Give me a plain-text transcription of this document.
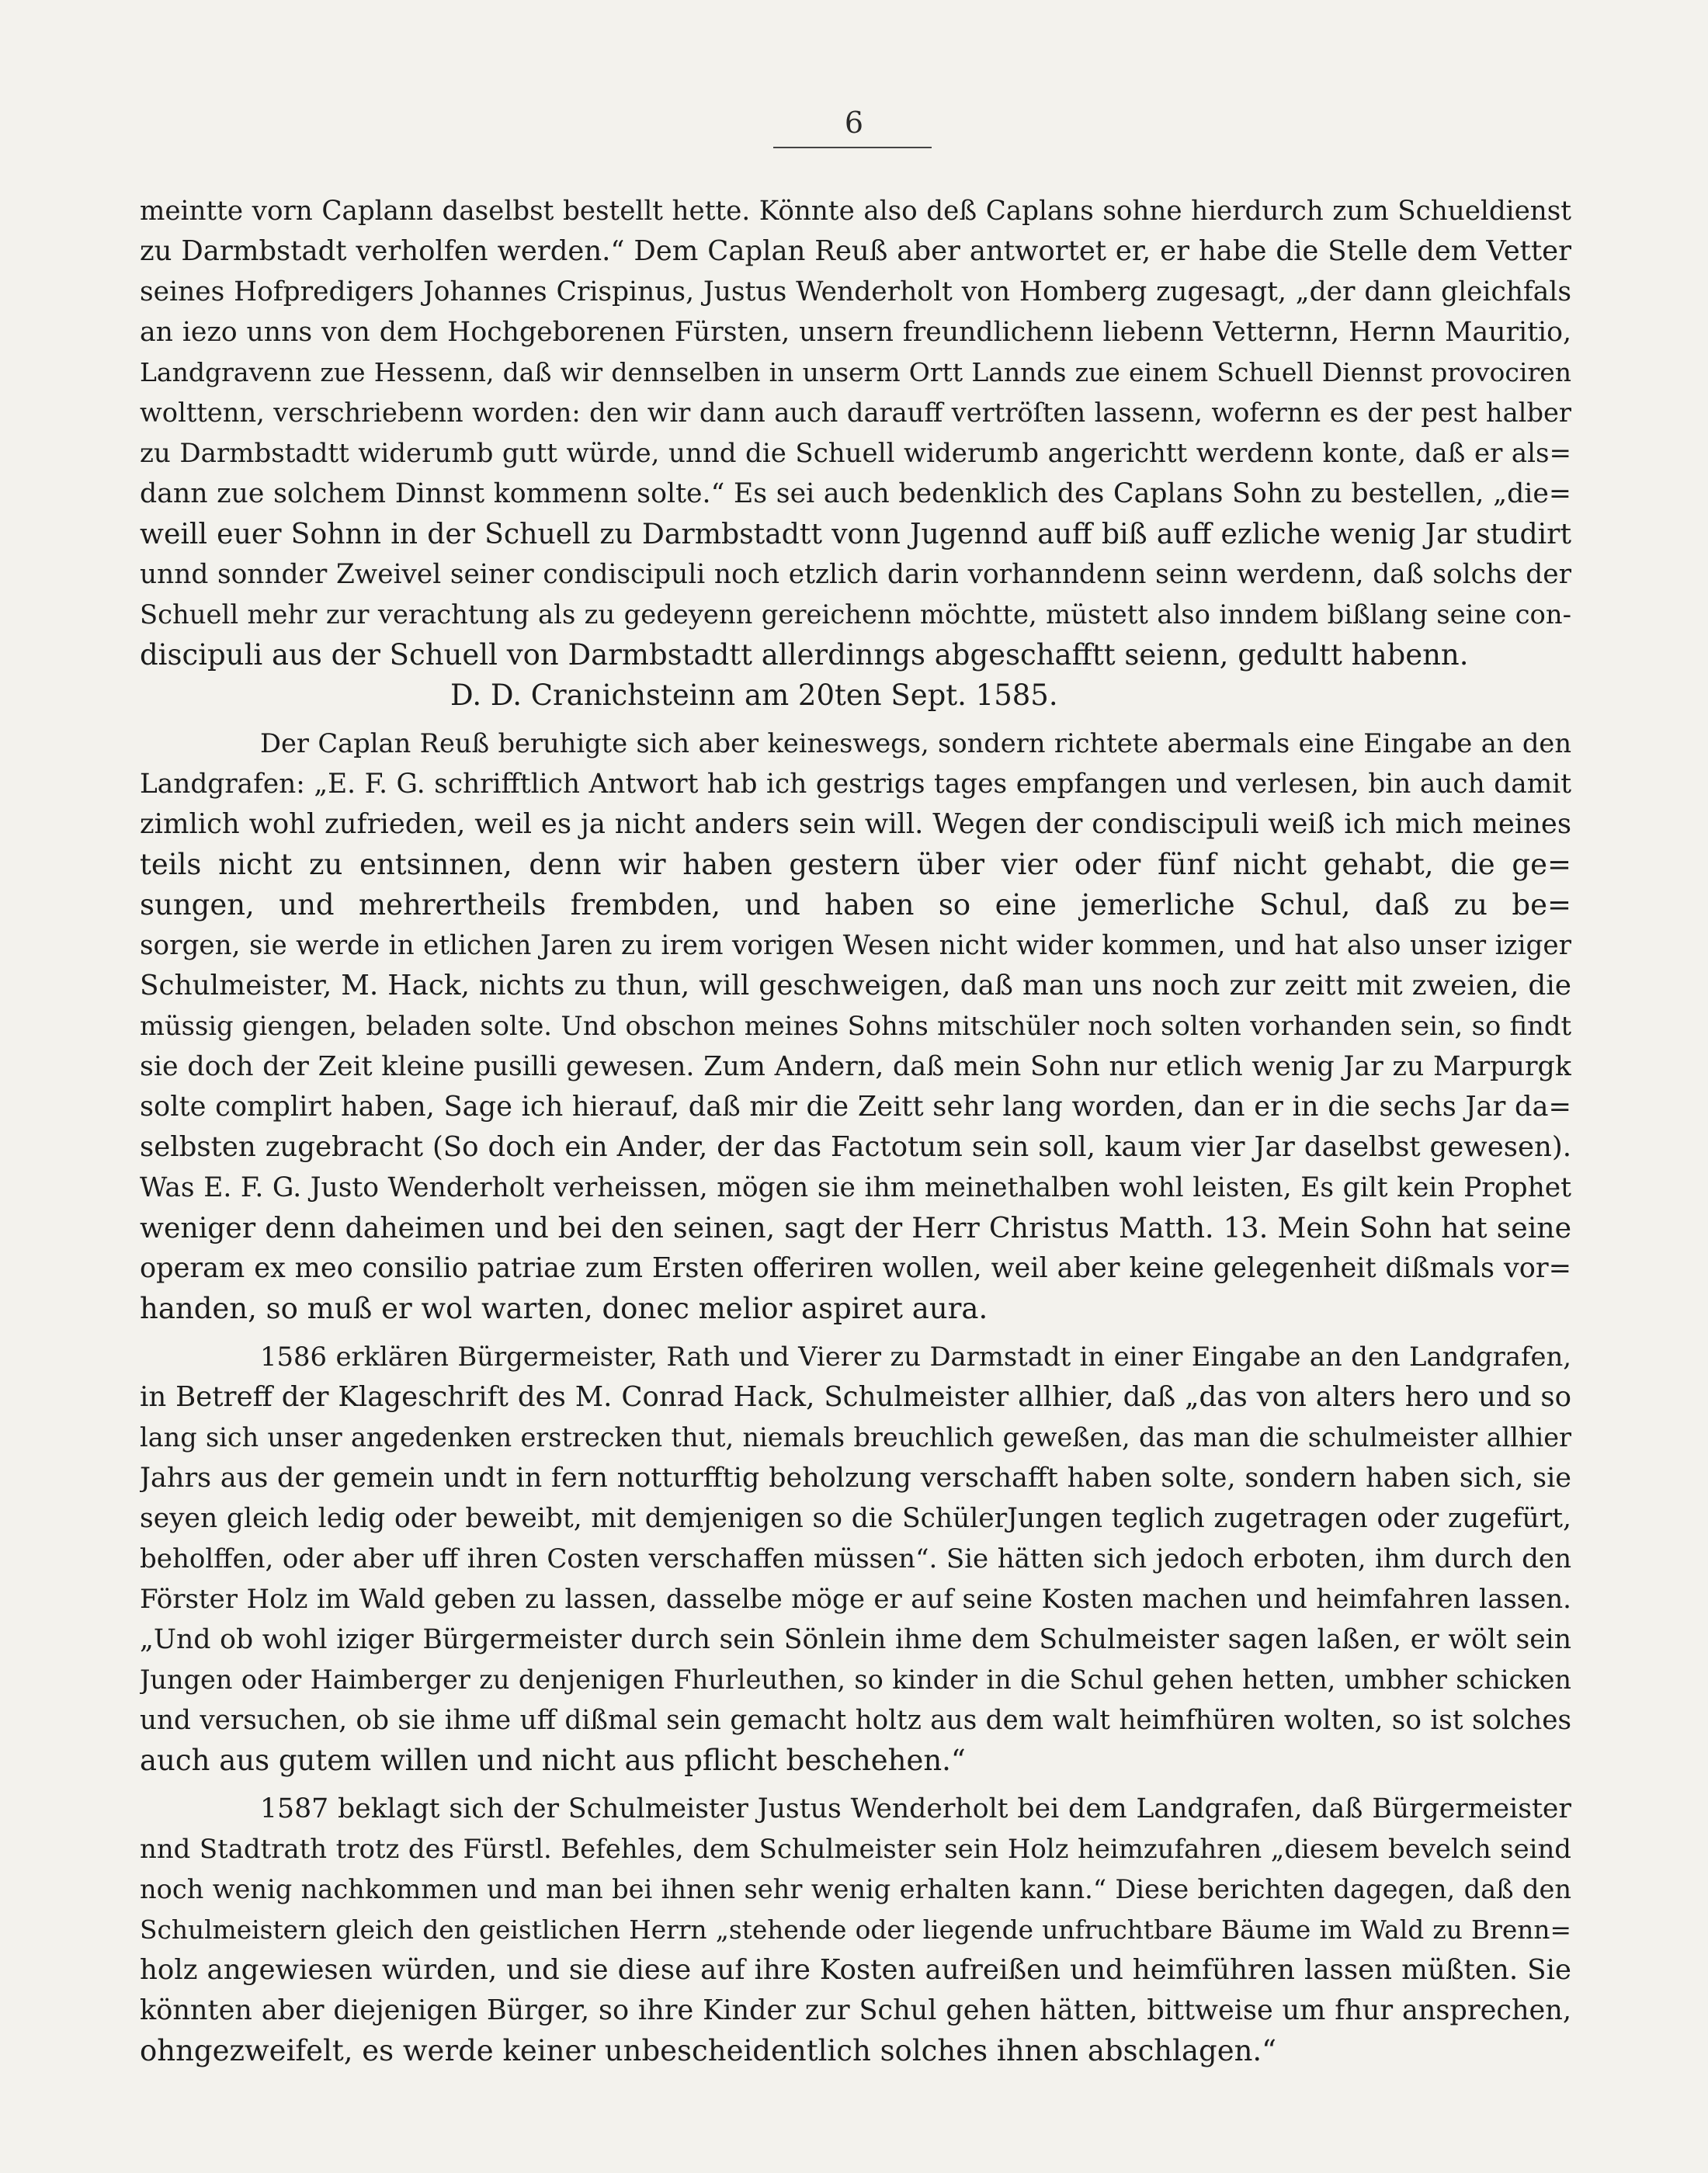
6
meintte vorn Caplann daselbst bestellt hette. Könnte also deß Caplans sohne hierdurch zum Schueldienst
zu Darmbstadt verholfen werden.“ Dem Caplan Reuß aber antwortet er, er habe die Stelle dem Vetter
seines Hofpredigers Johannes Crispinus, Justus Wenderholt von Homberg zugesagt, „der dann gleichfals
an iezo unns von dem Hochgeborenen Fürsten, unsern freundlichenn liebenn Vetternn, Hernn Mauritio,
Landgravenn zue Hessenn, daß wir dennselben in unserm Ortt Lannds zue einem Schuell Diennst provociren
wolttenn, verschriebenn worden: den wir dann auch darauff vertröſten lassenn, wofernn es der pest halber
zu Darmbstadtt widerumb gutt würde, unnd die Schuell widerumb angerichtt werdenn konte, daß er als=
dann zue solchem Dinnst kommenn solte.“ Es sei auch bedenklich des Caplans Sohn zu bestellen, „die=
weill euer Sohnn in der Schuell zu Darmbstadtt vonn Jugennd auff biß auff ezliche wenig Jar studirt
unnd sonnder Zweivel seiner condiscipuli noch etzlich darin vorhanndenn seinn werdenn, daß solchs der
Schuell mehr zur verachtung als zu gedeyenn gereichenn möchtte, müstett also inndem bißlang seine con-
discipuli aus der Schuell von Darmbstadtt allerdinngs abgeschafftt seienn, gedultt habenn.
D. D. Cranichsteinn am 20ten Sept. 1585.
Der Caplan Reuß beruhigte sich aber keineswegs, sondern richtete abermals eine Eingabe an den
Landgrafen: „E. F. G. schrifftlich Antwort hab ich gestrigs tages empfangen und verlesen, bin auch damit
zimlich wohl zufrieden, weil es ja nicht anders sein will. Wegen der condiscipuli weiß ich mich meines
teils nicht zu entsinnen, denn wir haben gestern über vier oder fünf nicht gehabt, die ge=
sungen, und mehrertheils frembden, und haben so eine jemerliche Schul, daß zu be=
sorgen, sie werde in etlichen Jaren zu irem vorigen Wesen nicht wider kommen, und hat also unser iziger
Schulmeister, M. Hack, nichts zu thun, will geschweigen, daß man uns noch zur zeitt mit zweien, die
müssig giengen, beladen solte. Und obschon meines Sohns mitschüler noch solten vorhanden sein, so findt
sie doch der Zeit kleine pusilli gewesen. Zum Andern, daß mein Sohn nur etlich wenig Jar zu Marpurgk
solte complirt haben, Sage ich hierauf, daß mir die Zeitt sehr lang worden, dan er in die sechs Jar da=
selbsten zugebracht (So doch ein Ander, der das Factotum sein soll, kaum vier Jar daselbst gewesen).
Was E. F. G. Justo Wenderholt verheissen, mögen sie ihm meinethalben wohl leisten, Es gilt kein Prophet
weniger denn daheimen und bei den seinen, sagt der Herr Christus Matth. 13. Mein Sohn hat seine
operam ex meo consilio patriae zum Ersten offeriren wollen, weil aber keine gelegenheit dißmals vor=
handen, so muß er wol warten, donec melior aspiret aura.
1586 erklären Bürgermeister, Rath und Vierer zu Darmstadt in einer Eingabe an den Landgrafen,
in Betreff der Klageschrift des M. Conrad Hack, Schulmeister allhier, daß „das von alters hero und so
lang sich unser angedenken erstrecken thut, niemals breuchlich geweßen, das man die schulmeister allhier
Jahrs aus der gemein undt in fern notturfftig beholzung verschafft haben solte, sondern haben sich, sie
seyen gleich ledig oder beweibt, mit demjenigen so die SchülerJungen teglich zugetragen oder zugefürt,
beholffen, oder aber uff ihren Costen verschaffen müssen“. Sie hätten sich jedoch erboten, ihm durch den
Förster Holz im Wald geben zu lassen, dasselbe möge er auf seine Kosten machen und heimfahren lassen.
„Und ob wohl iziger Bürgermeister durch sein Sönlein ihme dem Schulmeister sagen laßen, er wölt sein
Jungen oder Haimberger zu denjenigen Fhurleuthen, so kinder in die Schul gehen hetten, umbher schicken
und versuchen, ob sie ihme uff dißmal sein gemacht holtz aus dem walt heimfhüren wolten, so ist solches
auch aus gutem willen und nicht aus pflicht beschehen.“
1587 beklagt sich der Schulmeister Justus Wenderholt bei dem Landgrafen, daß Bürgermeister
nnd Stadtrath trotz des Fürstl. Befehles, dem Schulmeister sein Holz heimzufahren „diesem bevelch seind
noch wenig nachkommen und man bei ihnen sehr wenig erhalten kann.“ Diese berichten dagegen, daß den
Schulmeistern gleich den geistlichen Herrn „stehende oder liegende unfruchtbare Bäume im Wald zu Brenn=
holz angewiesen würden, und sie diese auf ihre Kosten aufreißen und heimführen lassen müßten. Sie
könnten aber diejenigen Bürger, so ihre Kinder zur Schul gehen hätten, bittweise um fhur ansprechen,
ohngezweifelt, es werde keiner unbescheidentlich solches ihnen abschlagen.“
